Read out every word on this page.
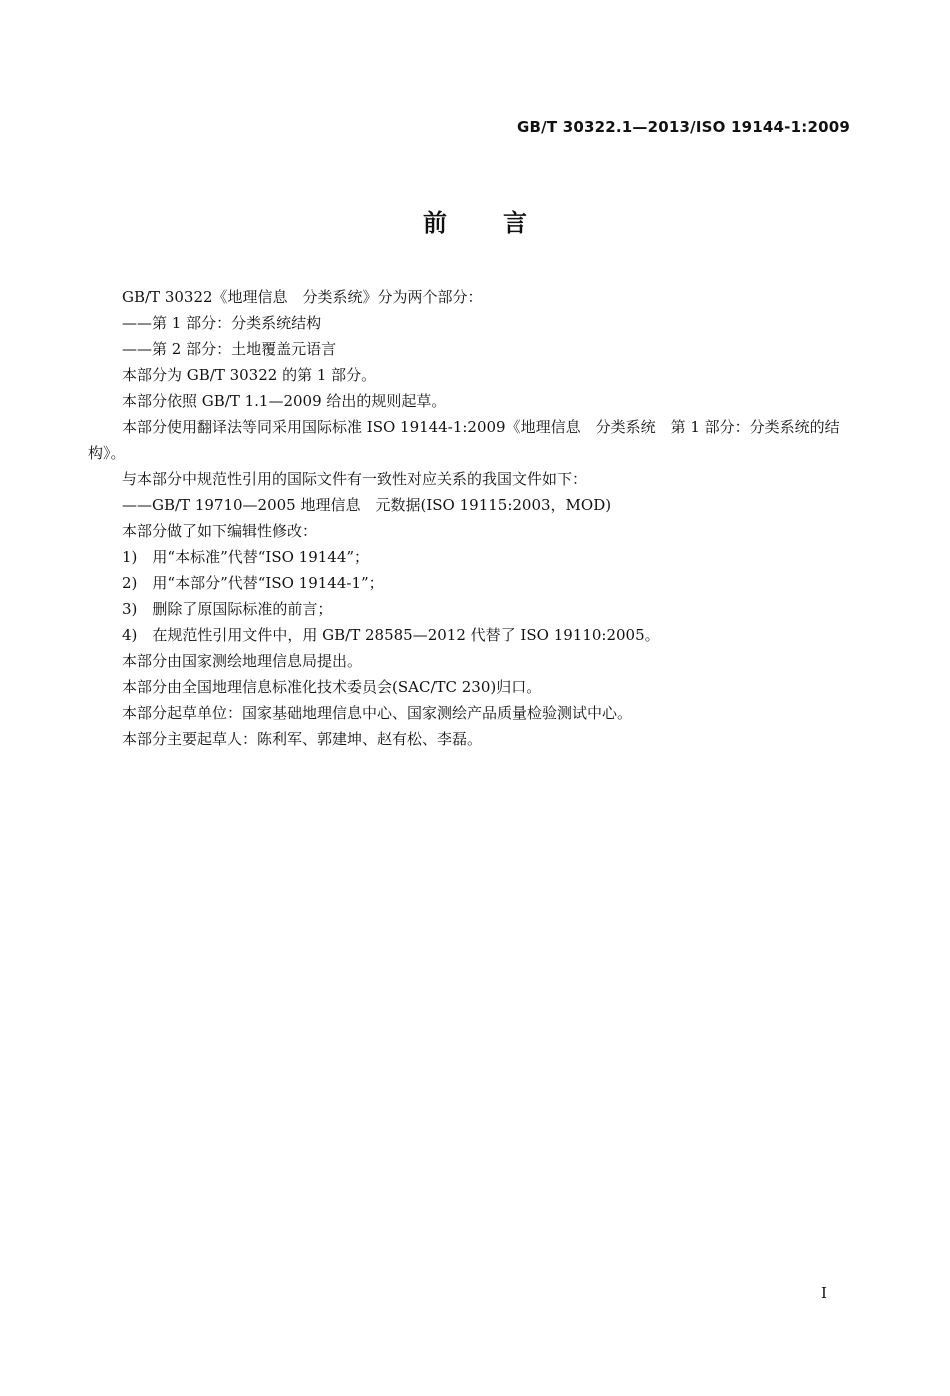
GB/T 30322.1—2013/ISO 19144-1:2009
前言

GB/T 30322《地理信息　分类系统》分为两个部分：

——第 1 部分：分类系统结构

——第 2 部分：土地覆盖元语言

本部分为 GB/T 30322 的第 1 部分。

本部分依照 GB/T 1.1—2009 给出的规则起草。

本部分使用翻译法等同采用国际标准 ISO 19144-1:2009《地理信息　分类系统　第 1 部分：分类系统的结构》。

与本部分中规范性引用的国际文件有一致性对应关系的我国文件如下：

——GB/T 19710—2005 地理信息　元数据(ISO 19115:2003，MOD)

本部分做了如下编辑性修改：

1)　用“本标准”代替“ISO 19144”；

2)　用“本部分”代替“ISO 19144-1”；

3)　删除了原国际标准的前言；

4)　在规范性引用文件中，用 GB/T 28585—2012 代替了 ISO 19110:2005。

本部分由国家测绘地理信息局提出。

本部分由全国地理信息标准化技术委员会(SAC/TC 230)归口。

本部分起草单位：国家基础地理信息中心、国家测绘产品质量检验测试中心。

本部分主要起草人：陈利军、郭建坤、赵有松、李磊。

I
